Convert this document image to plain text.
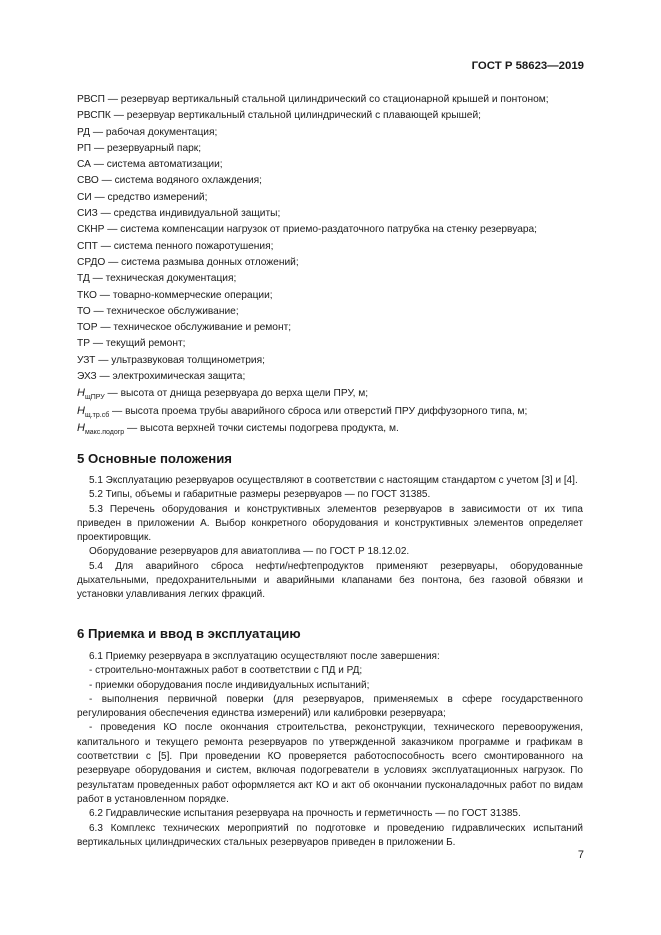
ГОСТ Р 58623—2019
РВСП — резервуар вертикальный стальной цилиндрический со стационарной крышей и понтоном;
РВСПК — резервуар вертикальный стальной цилиндрический с плавающей крышей;
РД — рабочая документация;
РП — резервуарный парк;
СА — система автоматизации;
СВО — система водяного охлаждения;
СИ — средство измерений;
СИЗ — средства индивидуальной защиты;
СКНР — система компенсации нагрузок от приемо-раздаточного патрубка на стенку резервуара;
СПТ — система пенного пожаротушения;
СРДО — система размыва донных отложений;
ТД — техническая документация;
ТКО — товарно-коммерческие операции;
ТО — техническое обслуживание;
ТОР — техническое обслуживание и ремонт;
ТР — текущий ремонт;
УЗТ — ультразвуковая толщинометрия;
ЭХЗ — электрохимическая защита;
$H_{щПРУ}$ — высота от днища резервуара до верха щели ПРУ, м;
$H_{щ.тр.сб}$ — высота проема трубы аварийного сброса или отверстий ПРУ диффузорного типа, м;
$H_{макс.подогр}$ — высота верхней точки системы подогрева продукта, м.
5 Основные положения

5.1 Эксплуатацию резервуаров осуществляют в соответствии с настоящим стандартом с учетом [3] и [4].

5.2 Типы, объемы и габаритные размеры резервуаров — по ГОСТ 31385.

5.3 Перечень оборудования и конструктивных элементов резервуаров в зависимости от их типа приведен в приложении А. Выбор конкретного оборудования и конструктивных элементов определяет проектировщик.

Оборудование резервуаров для авиатоплива — по ГОСТ Р 18.12.02.

5.4 Для аварийного сброса нефти/нефтепродуктов применяют резервуары, оборудованные дыхательными, предохранительными и аварийными клапанами без понтона, без газовой обвязки и установки улавливания легких фракций.

6 Приемка и ввод в эксплуатацию

6.1 Приемку резервуара в эксплуатацию осуществляют после завершения:

- строительно-монтажных работ в соответствии с ПД и РД;

- приемки оборудования после индивидуальных испытаний;

- выполнения первичной поверки (для резервуаров, применяемых в сфере государственного регулирования обеспечения единства измерений) или калибровки резервуара;

- проведения КО после окончания строительства, реконструкции, технического перевооружения, капитального и текущего ремонта резервуаров по утвержденной заказчиком программе и графикам в соответствии с [5]. При проведении КО проверяется работоспособность всего смонтированного на резервуаре оборудования и систем, включая подогреватели в условиях эксплуатационных нагрузок. По результатам проведенных работ оформляется акт КО и акт об окончании пусконаладочных работ по видам работ в установленном порядке.

6.2 Гидравлические испытания резервуара на прочность и герметичность — по ГОСТ 31385.

6.3 Комплекс технических мероприятий по подготовке и проведению гидравлических испытаний вертикальных цилиндрических стальных резервуаров приведен в приложении Б.

7
